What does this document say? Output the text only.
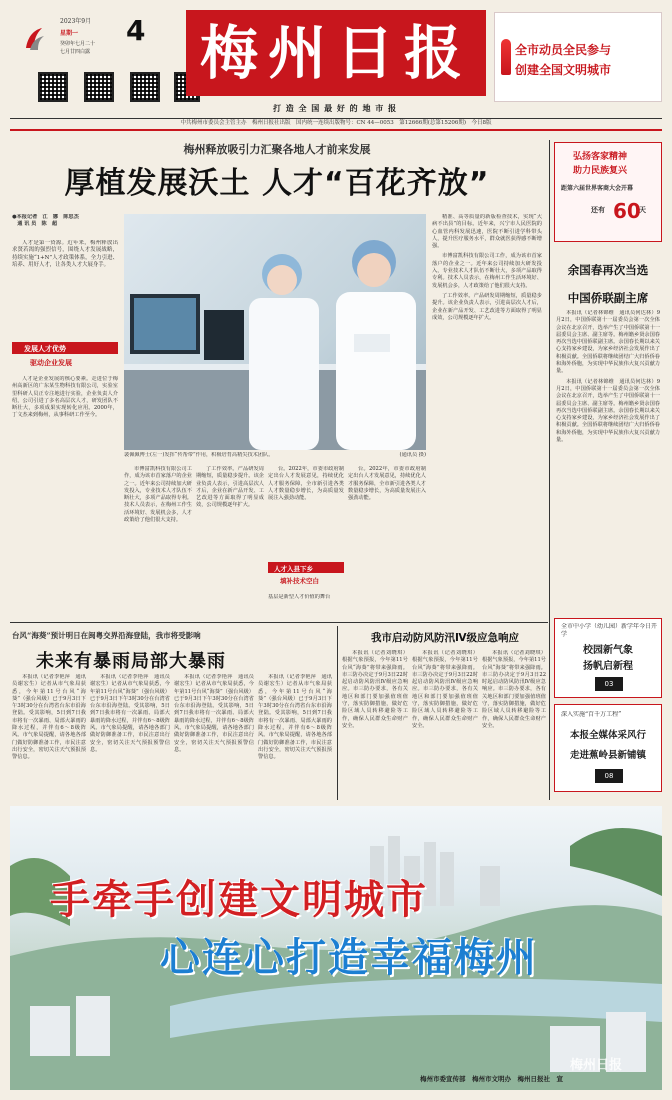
2023年9月
星期一
癸卯年七月二十
七月廿四白露
4 梅州日报
打 造 全 国 最 好 的 地 市 报
全市动员全民参与
创建全国文明城市
中共梅州市委员会主管主办　梅州日报社出版　国内统一连续出版物号：CN 44—0053　第12666期(总第15206期)　今日8版
梅州释放吸引力汇聚各地人才前来发展
厚植发展沃土 人才“百花齐放”
●本报记者　江　娜　陈思杰
　通 讯 员　陈　超

人才是第一资源。近年来，梅州释放出求贤若渴的强烈信号，围绕人才发展战略，持续实施“1+N”人才政策体系，全力引进、培养、用好人才，让各类人才大展身手。

发展人才优势
驱动企业发展

人才是企业发展的核心要素。走进位于梅州高新区的广东某生物科技有限公司，实验室里科研人员正专注地进行实验，企业负责人介绍，公司引进了多名高层次人才，研发团队不断壮大，多项成果实现转化应用。2000年，丁文杰来到梅州，从事科研工作至今。

裴佩佩博士(左一)发挥“传帮带”作用，积极培育高精尖技术团队。	(通讯员 摄)

市博富凯科技有限公司工作，成为该市首家落户的企业之一。近年来公司持续加大研发投入，专业技术人才队伍不断壮大，多项产品取得专利。技术人员表示，在梅州工作生活环境好、发展机会多，人才政策给了他们很大支持。

了工作效率。产品研发周期缩短，质量稳步提升。该企业负责人表示，引进高层次人才后，企业在新产品开发、工艺改进等方面取得了明显成效，公司规模逐年扩大。

人才入县下乡
填补技术空白
基层是新型人才价值的舞台

台。2022年，市委市政府制定出台人才发展意见，持续优化人才服务保障，全市新引进各类人才数量稳步增长，为高质量发展注入强劲动能。

台。2022年，市委市政府制定出台人才发展意见，持续优化人才服务保障，全市新引进各类人才数量稳步增长，为高质量发展注入强劲动能。

精准、高等质量的新版检查技术，实现“大病不出县”的目标。近年来，兴宁市人民医院的心血管内科发展迅速，医院不断引进学科带头人，提升医疗服务水平，群众就医获得感不断增强。

市博富凯科技有限公司工作，成为该市首家落户的企业之一。近年来公司持续加大研发投入，专业技术人才队伍不断壮大，多项产品取得专利。技术人员表示，在梅州工作生活环境好、发展机会多，人才政策给了他们很大支持。

了工作效率。产品研发周期缩短，质量稳步提升。该企业负责人表示，引进高层次人才后，企业在新产品开发、工艺改进等方面取得了明显成效，公司规模逐年扩大。

弘扬客家精神
助力民族复兴
距第六届世界客商大会开幕
还有 60
天
余国春再次当选
中国侨联副主席

本报讯（记者林锦维　通讯员何达林）9月2日，中国侨联第十一届委员会第一次全体会议在北京召开，选举产生了中国侨联第十一届委员会主席、副主席等。梅州籍乡贤余国春再次当选中国侨联副主席。余国春长期以来关心支持家乡建设，为家乡经济社会发展作出了积极贡献。全国侨联将继续团结广大归侨侨眷和海外侨胞，为实现中华民族伟大复兴贡献力量。

本报讯（记者林锦维　通讯员何达林）9月2日，中国侨联第十一届委员会第一次全体会议在北京召开，选举产生了中国侨联第十一届委员会主席、副主席等。梅州籍乡贤余国春再次当选中国侨联副主席。余国春长期以来关心支持家乡建设，为家乡经济社会发展作出了积极贡献。全国侨联将继续团结广大归侨侨眷和海外侨胞，为实现中华民族伟大复兴贡献力量。

全市中小学（幼儿园）新学年今日开学
校园新气象
扬帆启新程
03
深入实施“百千万工程”
本报全媒体采风行
走进蕉岭县新铺镇
08
台风“海葵”预计明日在闽粤交界沿海登陆，我市将受影响
未来有暴雨局部大暴雨

本报讯（记者李艳萍　通讯员谢宏生）记者从市气象局获悉，今年第11号台风“海葵”（强台风级）已于9月3日下午3时30分在台湾省台东市沿海登陆。受其影响，5日到7日我市将有一次暴雨、局部大暴雨的降水过程，并伴有6～8级阵风。市气象局提醒，请各地各部门做好防御准备工作，市民注意出行安全，密切关注天气预报预警信息。

本报讯（记者李艳萍　通讯员谢宏生）记者从市气象局获悉，今年第11号台风“海葵”（强台风级）已于9月3日下午3时30分在台湾省台东市沿海登陆。受其影响，5日到7日我市将有一次暴雨、局部大暴雨的降水过程，并伴有6～8级阵风。市气象局提醒，请各地各部门做好防御准备工作，市民注意出行安全，密切关注天气预报预警信息。

本报讯（记者李艳萍　通讯员谢宏生）记者从市气象局获悉，今年第11号台风“海葵”（强台风级）已于9月3日下午3时30分在台湾省台东市沿海登陆。受其影响，5日到7日我市将有一次暴雨、局部大暴雨的降水过程，并伴有6～8级阵风。市气象局提醒，请各地各部门做好防御准备工作，市民注意出行安全，密切关注天气预报预警信息。

本报讯（记者李艳萍　通讯员谢宏生）记者从市气象局获悉，今年第11号台风“海葵”（强台风级）已于9月3日下午3时30分在台湾省台东市沿海登陆。受其影响，5日到7日我市将有一次暴雨、局部大暴雨的降水过程，并伴有6～8级阵风。市气象局提醒，请各地各部门做好防御准备工作，市民注意出行安全，密切关注天气预报预警信息。

我市启动防风防汛Ⅳ级应急响应

本报讯（记者刘晓琪）根据气象预报，今年第11号台风“海葵”将带来强降雨。市三防办决定于9月3日22时起启动防风防汛Ⅳ级应急响应。市三防办要求，各有关地区和部门要加强值班值守，落实防御措施，做好危险区域人员转移避险等工作，确保人民群众生命财产安全。

本报讯（记者刘晓琪）根据气象预报，今年第11号台风“海葵”将带来强降雨。市三防办决定于9月3日22时起启动防风防汛Ⅳ级应急响应。市三防办要求，各有关地区和部门要加强值班值守，落实防御措施，做好危险区域人员转移避险等工作，确保人民群众生命财产安全。

本报讯（记者刘晓琪）根据气象预报，今年第11号台风“海葵”将带来强降雨。市三防办决定于9月3日22时起启动防风防汛Ⅳ级应急响应。市三防办要求，各有关地区和部门要加强值班值守，落实防御措施，做好危险区域人员转移避险等工作，确保人民群众生命财产安全。

手牵手创建文明城市
心连心打造幸福梅州
梅州市委宣传部　梅州市文明办　梅州日报社　宣
梅州日报
